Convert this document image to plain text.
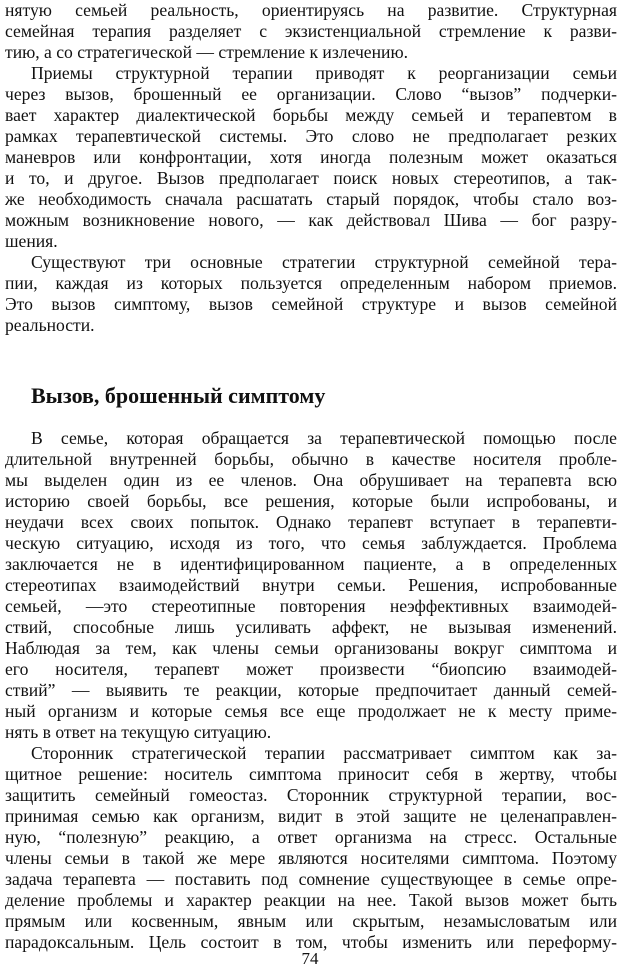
нятую семьей реальность, ориентируясь на развитие. Структурная
семейная терапия разделяет с экзистенциальной стремление к разви-
тию, а со стратегической — стремление к излечению.
Приемы структурной терапии приводят к реорганизации семьи
через вызов, брошенный ее организации. Слово “вызов” подчерки-
вает характер диалектической борьбы между семьей и терапевтом в
рамках терапевтической системы. Это слово не предполагает резких
маневров или конфронтации, хотя иногда полезным может оказаться
и то, и другое. Вызов предполагает поиск новых стереотипов, а так-
же необходимость сначала расшатать старый порядок, чтобы стало воз-
можным возникновение нового, — как действовал Шива — бог разру-
шения.
Существуют три основные стратегии структурной семейной тера-
пии, каждая из которых пользуется определенным набором приемов.
Это вызов симптому, вызов семейной структуре и вызов семейной
реальности.
Вызов, брошенный симптому
В семье, которая обращается за терапевтической помощью после
длительной внутренней борьбы, обычно в качестве носителя пробле-
мы выделен один из ее членов. Она обрушивает на терапевта всю
историю своей борьбы, все решения, которые были испробованы, и
неудачи всех своих попыток. Однако терапевт вступает в терапевти-
ческую ситуацию, исходя из того, что семья заблуждается. Проблема
заключается не в идентифицированном пациенте, а в определенных
стереотипах взаимодействий внутри семьи. Решения, испробованные
семьей, —это стереотипные повторения неэффективных взаимодей-
ствий, способные лишь усиливать аффект, не вызывая изменений.
Наблюдая за тем, как члены семьи организованы вокруг симптома и
его носителя, терапевт может произвести “биопсию взаимодей-
ствий” — выявить те реакции, которые предпочитает данный семей-
ный организм и которые семья все еще продолжает не к месту приме-
нять в ответ на текущую ситуацию.
Сторонник стратегической терапии рассматривает симптом как за-
щитное решение: носитель симптома приносит себя в жертву, чтобы
защитить семейный гомеостаз. Сторонник структурной терапии, вос-
принимая семью как организм, видит в этой защите не целенаправлен-
ную, “полезную” реакцию, а ответ организма на стресс. Остальные
члены семьи в такой же мере являются носителями симптома. Поэтому
задача терапевта — поставить под сомнение существующее в семье опре-
деление проблемы и характер реакции на нее. Такой вызов может быть
прямым или косвенным, явным или скрытым, незамысловатым или
парадоксальным. Цель состоит в том, чтобы изменить или переформу-
74
